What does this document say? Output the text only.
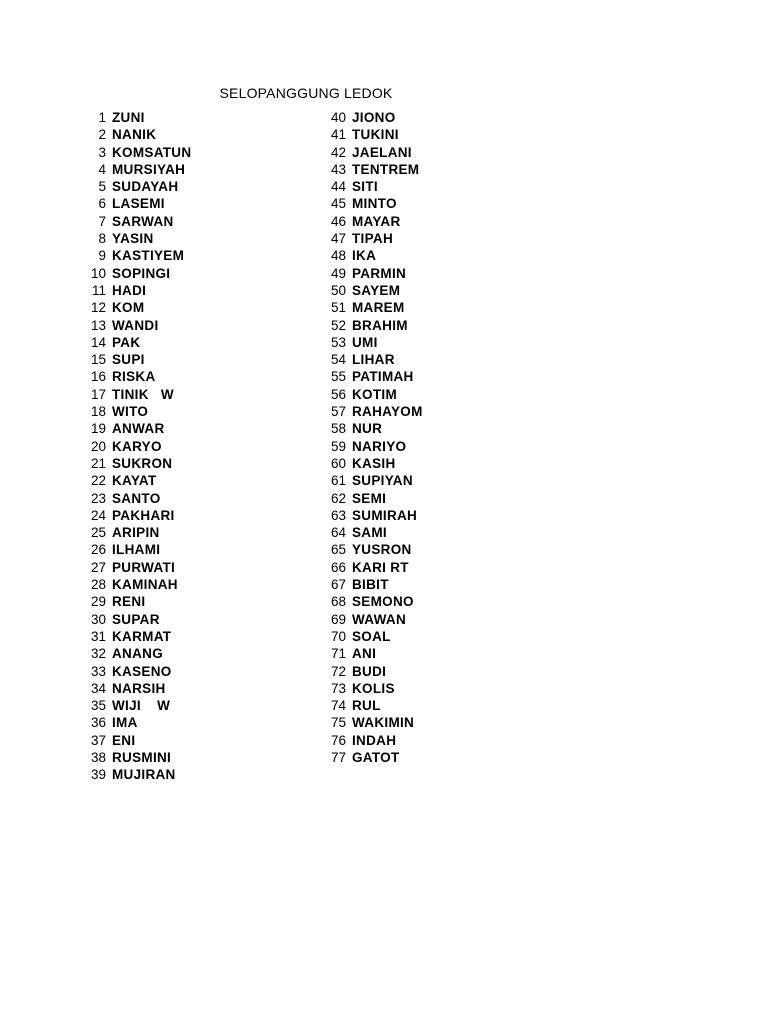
SELOPANGGUNG LEDOK
1 ZUNI
2 NANIK
3 KOMSATUN
4 MURSIYAH
5 SUDAYAH
6 LASEMI
7 SARWAN
8 YASIN
9 KASTIYEM
10 SOPINGI
11 HADI
12 KOM
13 WANDI
14 PAK
15 SUPI
16 RISKA
17 TINIK   W
18 WITO
19 ANWAR
20 KARYO
21 SUKRON
22 KAYAT
23 SANTO
24 PAKHARI
25 ARIPIN
26 ILHAMI
27 PURWATI
28 KAMINAH
29 RENI
30 SUPAR
31 KARMAT
32 ANANG
33 KASENO
34 NARSIH
35 WIJI    W
36 IMA
37 ENI
38 RUSMINI
39 MUJIRAN
40 JIONO
41 TUKINI
42 JAELANI
43 TENTREM
44 SITI
45 MINTO
46 MAYAR
47 TIPAH
48 IKA
49 PARMIN
50 SAYEM
51 MAREM
52 BRAHIM
53 UMI
54 LIHAR
55 PATIMAH
56 KOTIM
57 RAHAYOM
58 NUR
59 NARIYO
60 KASIH
61 SUPIYAN
62 SEMI
63 SUMIRAH
64 SAMI
65 YUSRON
66 KARI RT
67 BIBIT
68 SEMONO
69 WAWAN
70 SOAL
71 ANI
72 BUDI
73 KOLIS
74 RUL
75 WAKIMIN
76 INDAH
77 GATOT
